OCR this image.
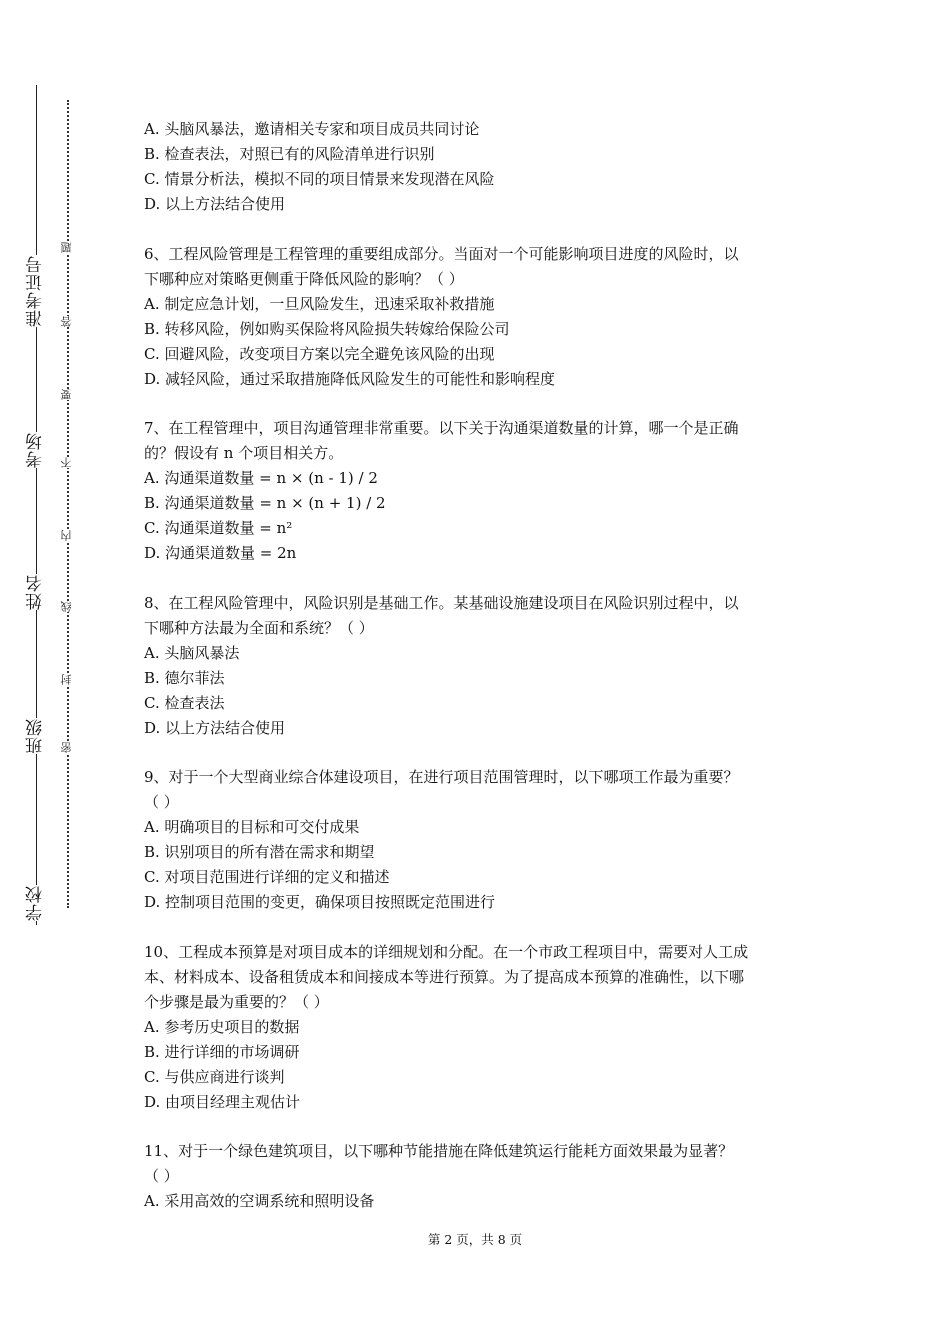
准考证号
考场
姓名
班级
学校
题
答
要
不
内
线
封
密
A. 头脑风暴法，邀请相关专家和项目成员共同讨论
B. 检查表法，对照已有的风险清单进行识别
C. 情景分析法，模拟不同的项目情景来发现潜在风险
D. 以上方法结合使用
6、工程风险管理是工程管理的重要组成部分。当面对一个可能影响项目进度的风险时，以
下哪种应对策略更侧重于降低风险的影响？（ ）
A. 制定应急计划，一旦风险发生，迅速采取补救措施
B. 转移风险，例如购买保险将风险损失转嫁给保险公司
C. 回避风险，改变项目方案以完全避免该风险的出现
D. 减轻风险，通过采取措施降低风险发生的可能性和影响程度
7、在工程管理中，项目沟通管理非常重要。以下关于沟通渠道数量的计算，哪一个是正确
的？假设有 n 个项目相关方。
A. 沟通渠道数量 = n × (n - 1) / 2
B. 沟通渠道数量 = n × (n + 1) / 2
C. 沟通渠道数量 = n²
D. 沟通渠道数量 = 2n
8、在工程风险管理中，风险识别是基础工作。某基础设施建设项目在风险识别过程中，以
下哪种方法最为全面和系统？（ ）
A. 头脑风暴法
B. 德尔菲法
C. 检查表法
D. 以上方法结合使用
9、对于一个大型商业综合体建设项目，在进行项目范围管理时，以下哪项工作最为重要？
（ ）
A. 明确项目的目标和可交付成果
B. 识别项目的所有潜在需求和期望
C. 对项目范围进行详细的定义和描述
D. 控制项目范围的变更，确保项目按照既定范围进行
10、工程成本预算是对项目成本的详细规划和分配。在一个市政工程项目中，需要对人工成
本、材料成本、设备租赁成本和间接成本等进行预算。为了提高成本预算的准确性，以下哪
个步骤是最为重要的？（ ）
A. 参考历史项目的数据
B. 进行详细的市场调研
C. 与供应商进行谈判
D. 由项目经理主观估计
11、对于一个绿色建筑项目，以下哪种节能措施在降低建筑运行能耗方面效果最为显著？
（ ）
A. 采用高效的空调系统和照明设备
第 2 页，共 8 页
